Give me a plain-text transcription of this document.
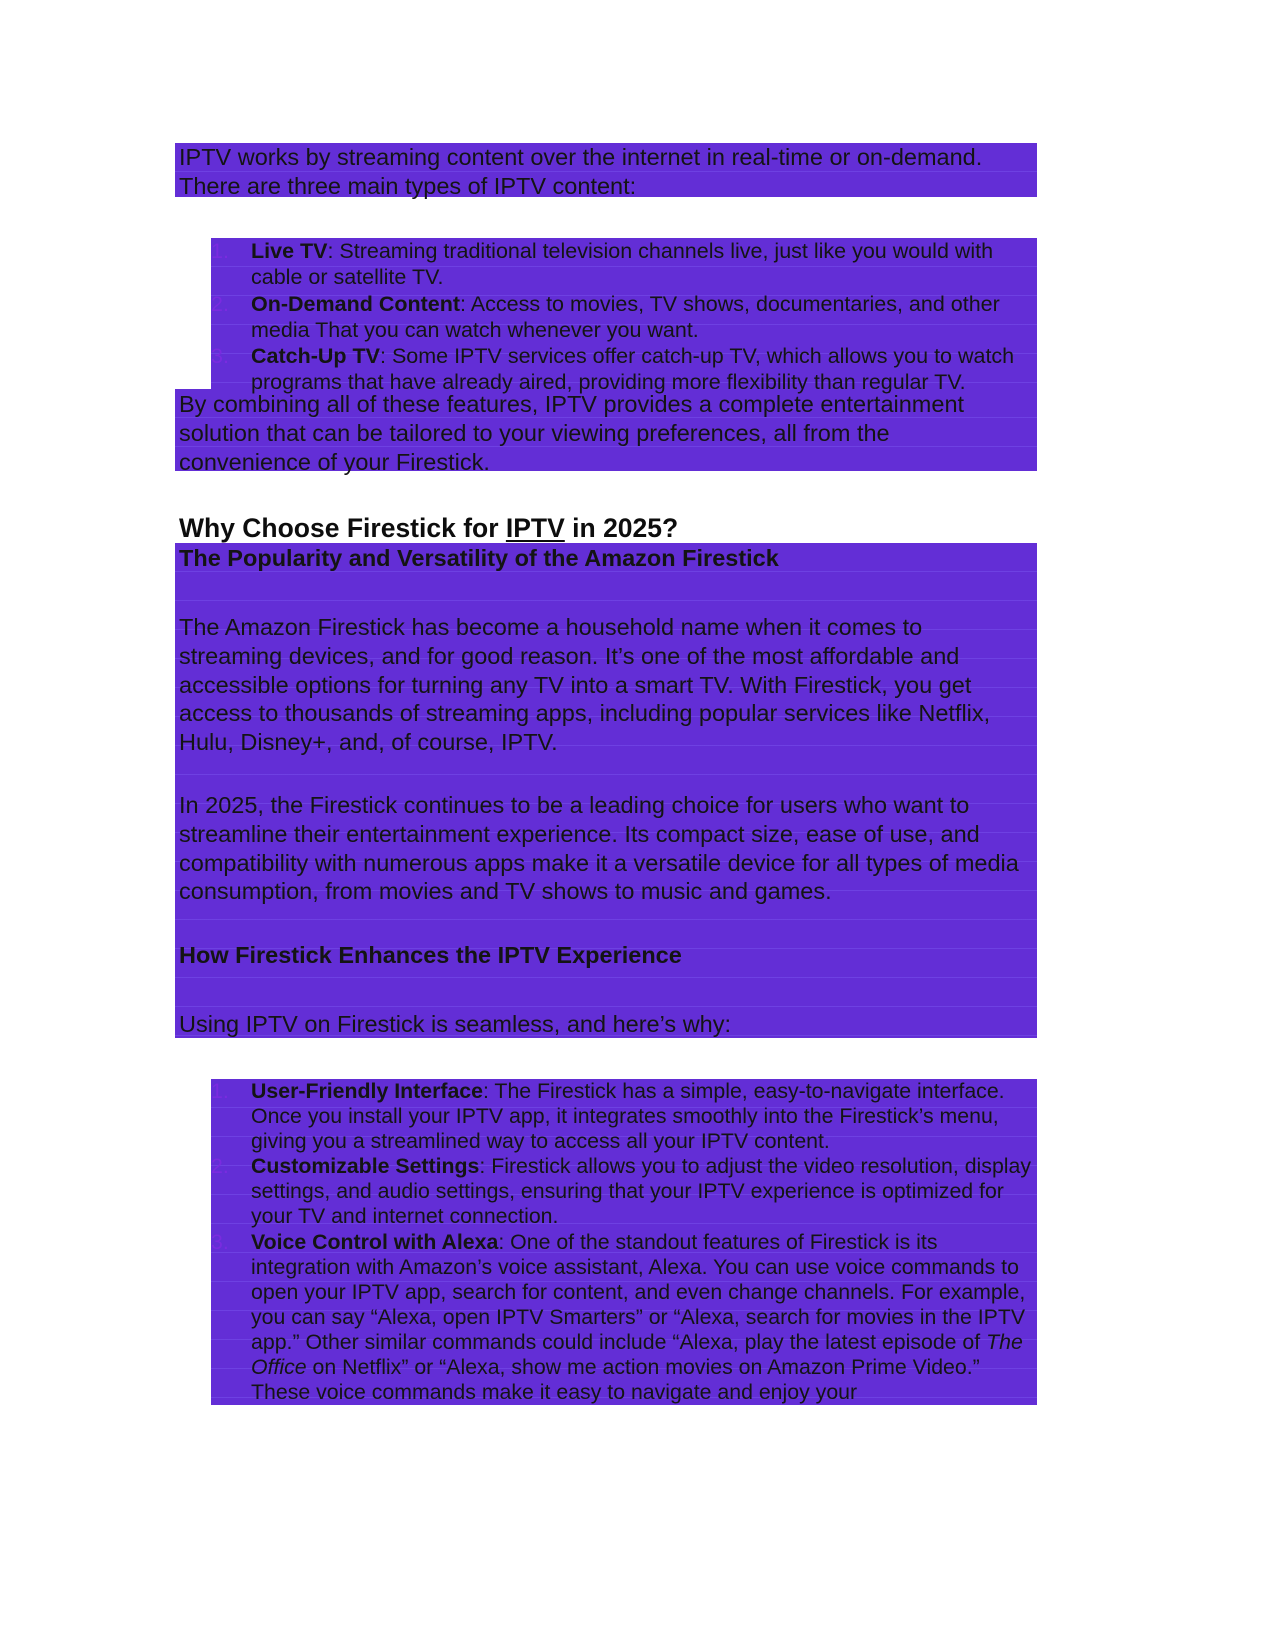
IPTV works by streaming content over the internet in real-time or on-demand. There are three main types of IPTV content:

1. Live TV: Streaming traditional television channels live, just like you would with cable or satellite TV.
2. On-Demand Content: Access to movies, TV shows, documentaries, and other media That you can watch whenever you want.
3. Catch-Up TV: Some IPTV services offer catch-up TV, which allows you to watch programs that have already aired, providing more flexibility than regular TV.

By combining all of these features, IPTV provides a complete entertainment solution that can be tailored to your viewing preferences, all from the convenience of your Firestick.

Why Choose Firestick for IPTV in 2025?
The Popularity and Versatility of the Amazon Firestick

The Amazon Firestick has become a household name when it comes to streaming devices, and for good reason. It’s one of the most affordable and accessible options for turning any TV into a smart TV. With Firestick, you get access to thousands of streaming apps, including popular services like Netflix, Hulu, Disney+, and, of course, IPTV.

In 2025, the Firestick continues to be a leading choice for users who want to streamline their entertainment experience. Its compact size, ease of use, and compatibility with numerous apps make it a versatile device for all types of media consumption, from movies and TV shows to music and games.

How Firestick Enhances the IPTV Experience

Using IPTV on Firestick is seamless, and here’s why:

1. User-Friendly Interface: The Firestick has a simple, easy-to-navigate interface. Once you install your IPTV app, it integrates smoothly into the Firestick’s menu, giving you a streamlined way to access all your IPTV content.
2. Customizable Settings: Firestick allows you to adjust the video resolution, display settings, and audio settings, ensuring that your IPTV experience is optimized for your TV and internet connection.
3. Voice Control with Alexa: One of the standout features of Firestick is its integration with Amazon’s voice assistant, Alexa. You can use voice commands to open your IPTV app, search for content, and even change channels. For example, you can say “Alexa, open IPTV Smarters” or “Alexa, search for movies in the IPTV app.” Other similar commands could include “Alexa, play the latest episode of The Office on Netflix” or “Alexa, show me action movies on Amazon Prime Video.” These voice commands make it easy to navigate and enjoy your
